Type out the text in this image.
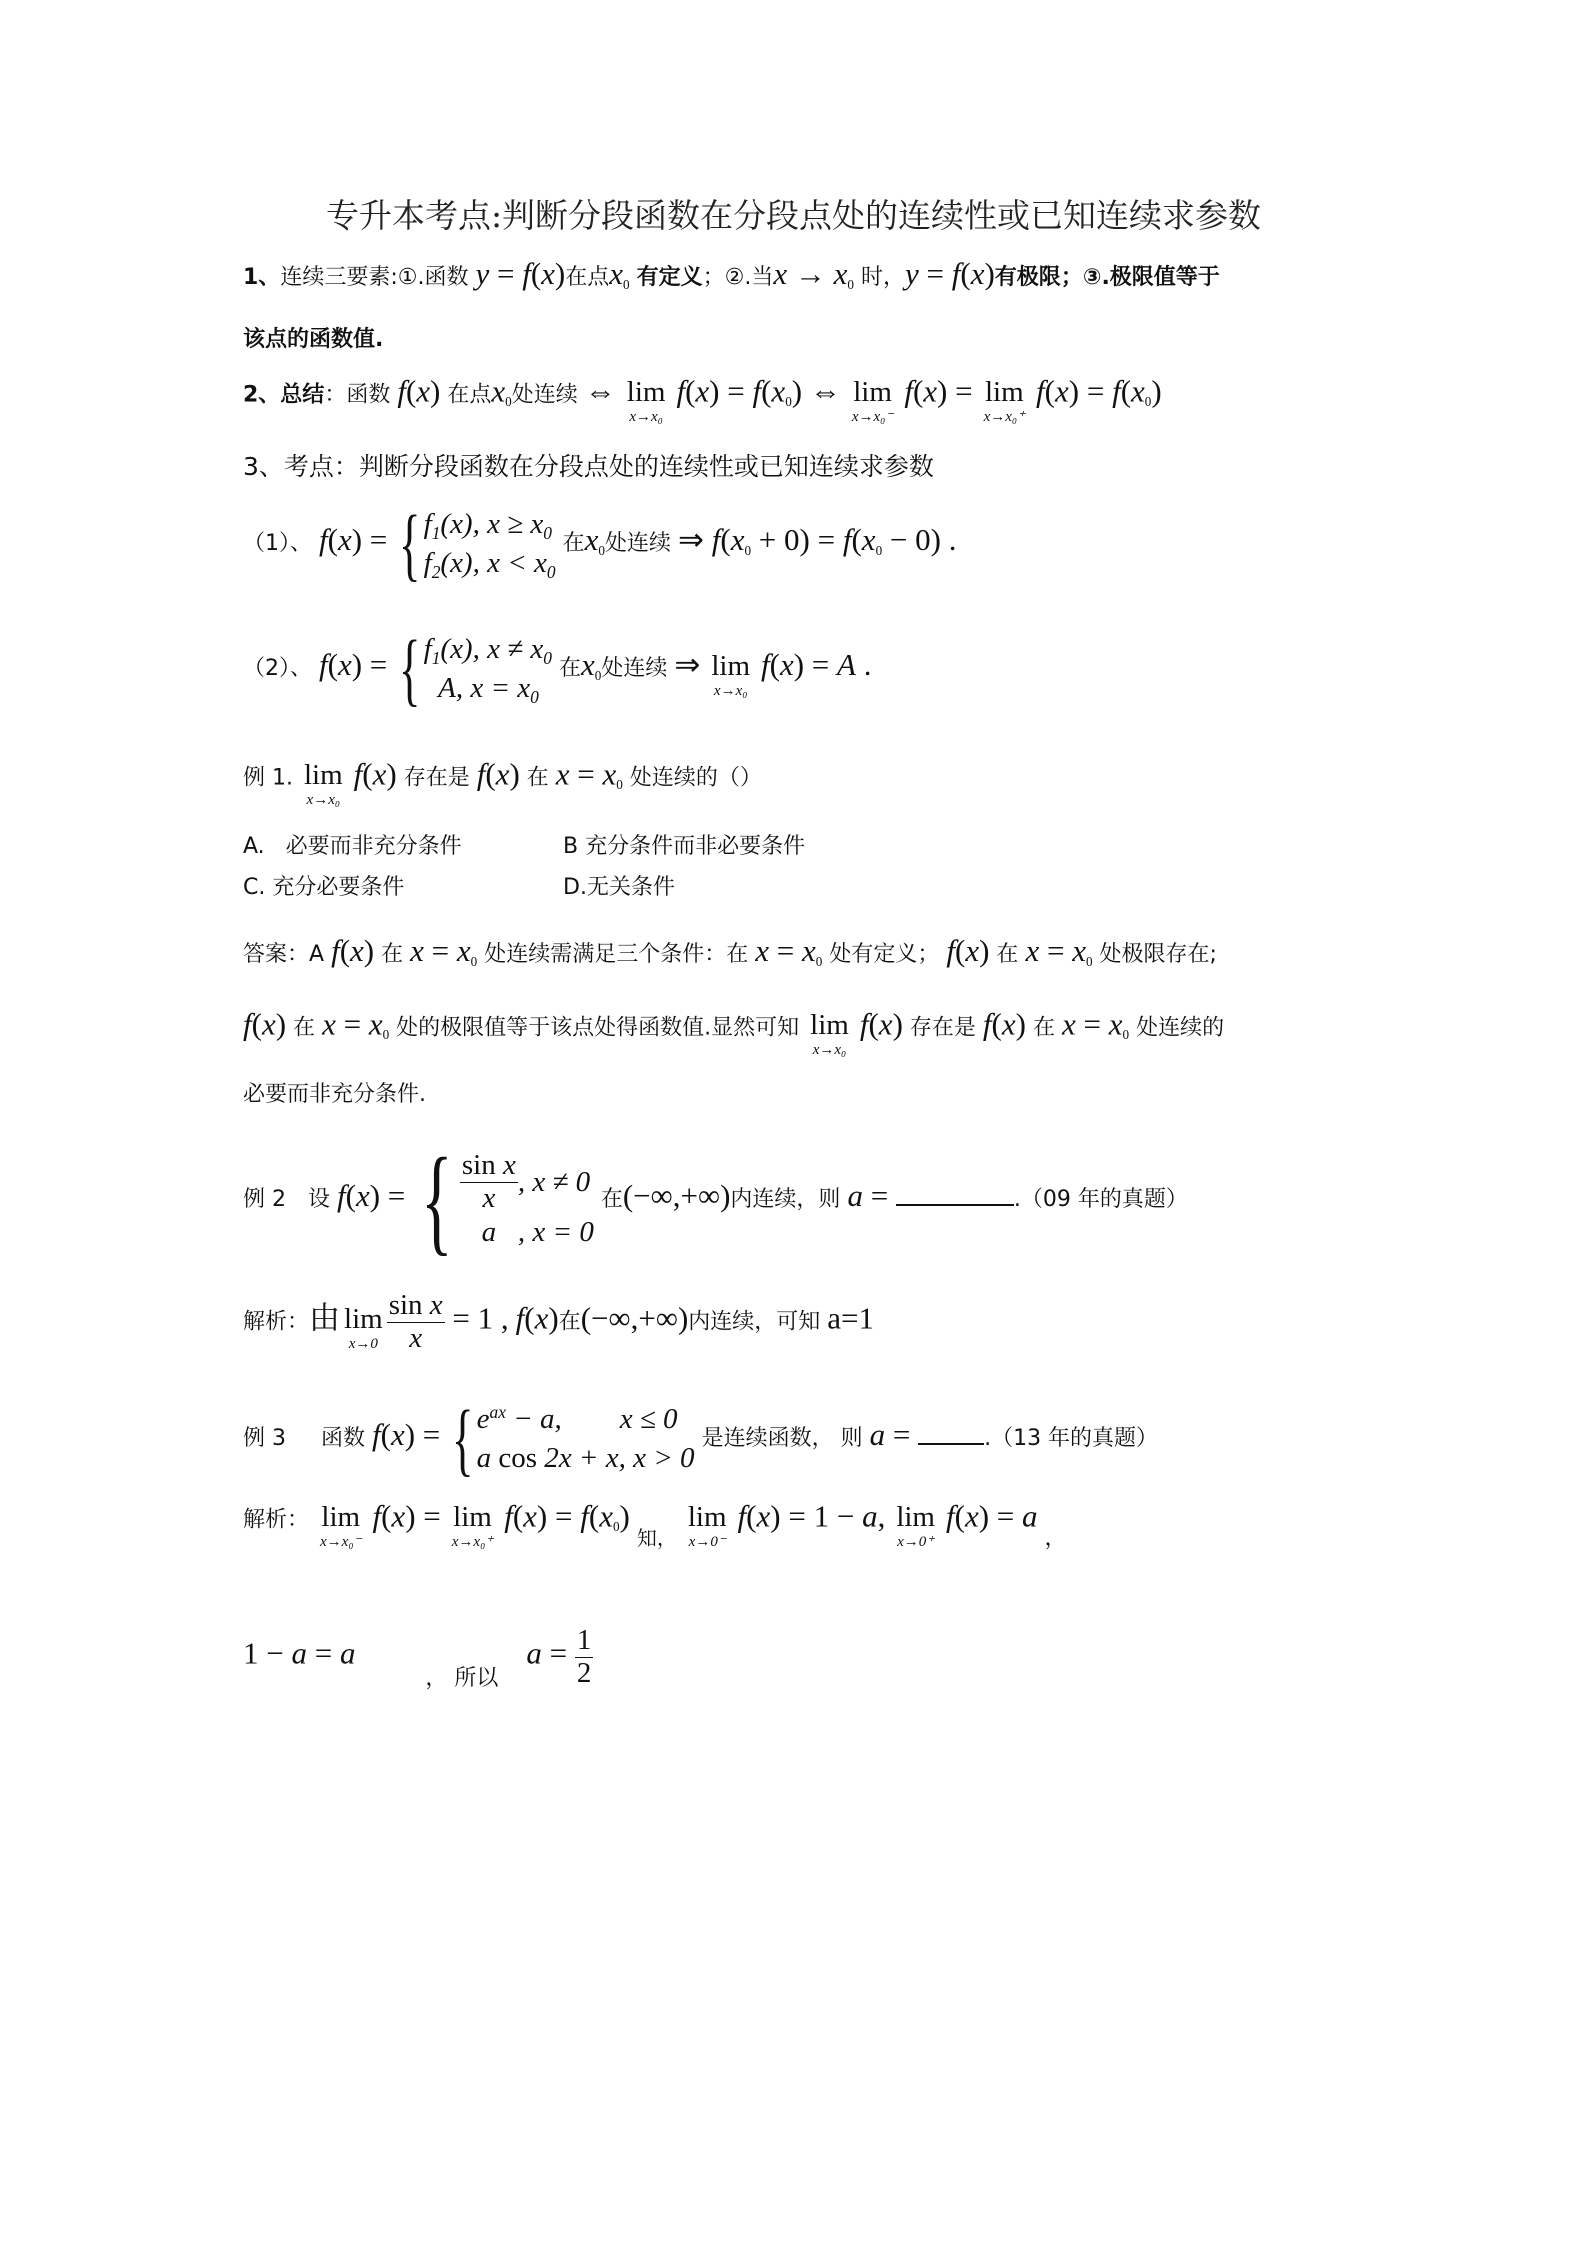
专升本考点:判断分段函数在分段点处的连续性或已知连续求参数
1、连续三要素:①.函数 y = f(x)在点$x_0$ 有定义；②.当$x \to x_0$ 时，y = f(x)有极限；③.极限值等于
该点的函数值.
2、总结：函数 f(x) 在点$x_0$处连续 ⇔ lim
x→x₀
$f(x) = f(x_0)$ ⇔ lim
x→x₀⁻
f(x) = lim
x→x₀⁺
$f(x) = f(x_0)$
3、考点：判断分段函数在分段点处的连续性或已知连续求参数
（1）、 f(x) = { $f_1(x)$, $x \ge x_0$
$f_2(x)$, $x < x_0$
在$x_0$处连续 ⇒ $f(x_0 + 0) = f(x_0 - 0)$ .
（2）、 f(x) = { $f_1(x)$, $x \ne x_0$
A, $x = x_0$
在$x_0$处连续 ⇒ lim
x→x₀
f(x) = A .
例 1. lim
x→x₀
f(x) 存在是 f(x) 在 $x = x_0$ 处连续的（）
A. 必要而非充分条件	B 充分条件而非必要条件
C. 充分必要条件	D.无关条件
答案：A f(x) 在 $x = x_0$ 处连续需满足三个条件：在 $x = x_0$ 处有定义； f(x) 在 $x = x_0$ 处极限存在;
f(x) 在 $x = x_0$ 处的极限值等于该点处得函数值.显然可知 lim
x→x₀
f(x) 存在是 f(x) 在 $x = x_0$ 处连续的
必要而非充分条件.
例 2　设 f(x) = { $\frac{\text{sin x}}{x}$ , x ≠ 0
a   , x = 0
在(−∞,+∞)内连续，则 a =	.（09 年的真题）
解析：由 lim
$x\to 0 \frac{\text{sin x}}{x} = 1$ , f(x)在(−∞,+∞)内连续，可知 a=1
例 3 函数 f(x) = { $e^{ax} - a$,        x ≤ 0
a cos 2x + x, x > 0
是连续函数， 则 a =	.（13 年的真题）
解析： lim
x→x₀⁻
f(x) = lim
x→x₀⁺
$f(x) = f(x_0)$ 知，
lim
x→0⁻
f(x) = 1 − a, lim
x→0⁺
f(x) = a ，
1 − a = a          ， 所以    $a = \frac{1}{2}$
